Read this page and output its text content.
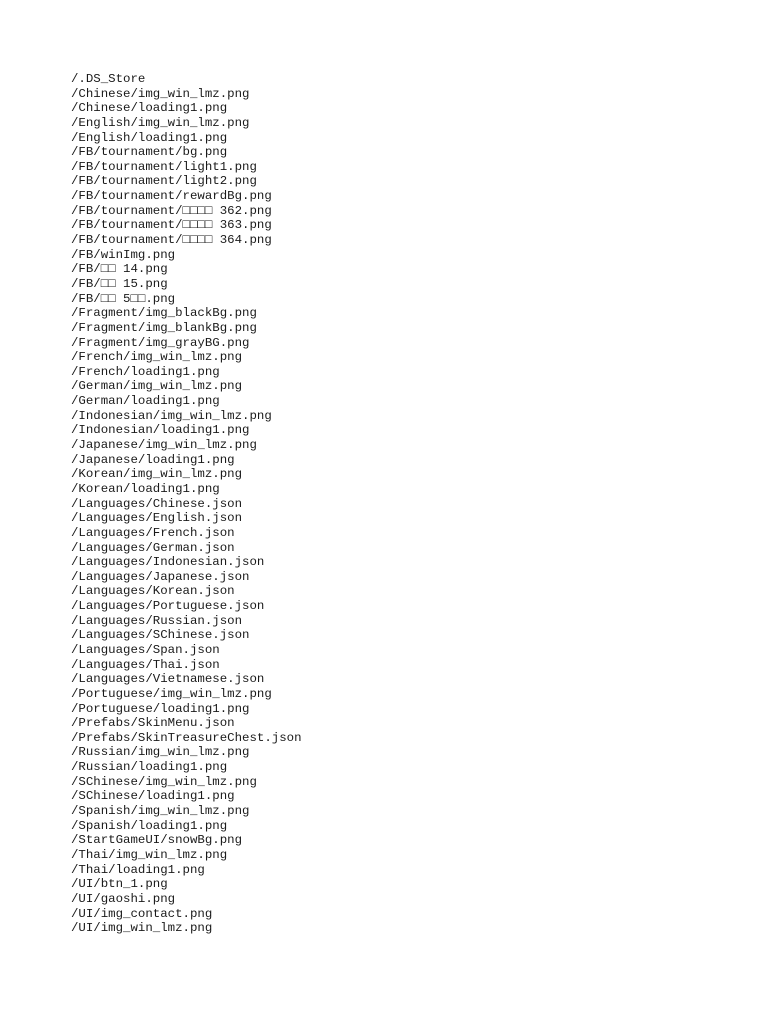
/.DS_Store
/Chinese/img_win_lmz.png
/Chinese/loading1.png
/English/img_win_lmz.png
/English/loading1.png
/FB/tournament/bg.png
/FB/tournament/light1.png
/FB/tournament/light2.png
/FB/tournament/rewardBg.png
/FB/tournament/□□□□ 362.png
/FB/tournament/□□□□ 363.png
/FB/tournament/□□□□ 364.png
/FB/winImg.png
/FB/□□ 14.png
/FB/□□ 15.png
/FB/□□ 5□□.png
/Fragment/img_blackBg.png
/Fragment/img_blankBg.png
/Fragment/img_grayBG.png
/French/img_win_lmz.png
/French/loading1.png
/German/img_win_lmz.png
/German/loading1.png
/Indonesian/img_win_lmz.png
/Indonesian/loading1.png
/Japanese/img_win_lmz.png
/Japanese/loading1.png
/Korean/img_win_lmz.png
/Korean/loading1.png
/Languages/Chinese.json
/Languages/English.json
/Languages/French.json
/Languages/German.json
/Languages/Indonesian.json
/Languages/Japanese.json
/Languages/Korean.json
/Languages/Portuguese.json
/Languages/Russian.json
/Languages/SChinese.json
/Languages/Span.json
/Languages/Thai.json
/Languages/Vietnamese.json
/Portuguese/img_win_lmz.png
/Portuguese/loading1.png
/Prefabs/SkinMenu.json
/Prefabs/SkinTreasureChest.json
/Russian/img_win_lmz.png
/Russian/loading1.png
/SChinese/img_win_lmz.png
/SChinese/loading1.png
/Spanish/img_win_lmz.png
/Spanish/loading1.png
/StartGameUI/snowBg.png
/Thai/img_win_lmz.png
/Thai/loading1.png
/UI/btn_1.png
/UI/gaoshi.png
/UI/img_contact.png
/UI/img_win_lmz.png
